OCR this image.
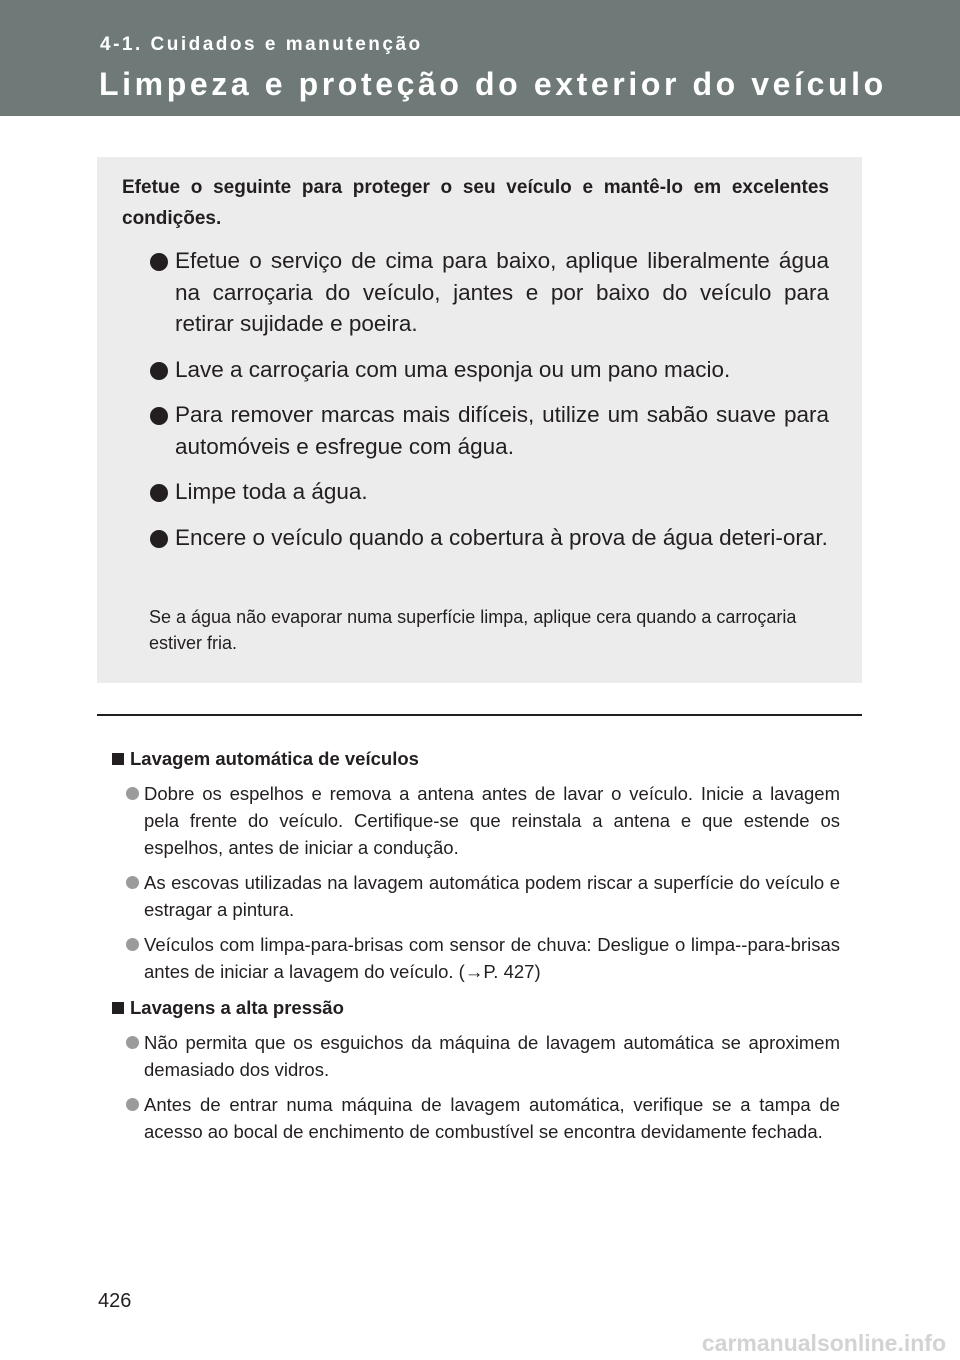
4-1. Cuidados e manutenção
Limpeza e proteção do exterior do veículo
Efetue o seguinte para proteger o seu veículo e mantê-lo em excelentes condições.
Efetue o serviço de cima para baixo, aplique liberalmente água na carroçaria do veículo, jantes e por baixo do veículo para retirar sujidade e poeira.
Lave a carroçaria com uma esponja ou um pano macio.
Para remover marcas mais difíceis, utilize um sabão suave para automóveis e esfregue com água.
Limpe toda a água.
Encere o veículo quando a cobertura à prova de água deteri-orar.
Se a água não evaporar numa superfície limpa, aplique cera quando a carroçaria estiver fria.
Lavagem automática de veículos
Dobre os espelhos e remova a antena antes de lavar o veículo. Inicie a lavagem pela frente do veículo. Certifique-se que reinstala a antena e que estende os espelhos, antes de iniciar a condução.
As escovas utilizadas na lavagem automática podem riscar a superfície do veículo e estragar a pintura.
Veículos com limpa-para-brisas com sensor de chuva: Desligue o limpa--para-brisas antes de iniciar a lavagem do veículo. (→P. 427)
Lavagens a alta pressão
Não permita que os esguichos da máquina de lavagem automática se aproximem demasiado dos vidros.
Antes de entrar numa máquina de lavagem automática, verifique se a tampa de acesso ao bocal de enchimento de combustível se encontra devidamente fechada.
426
carmanualsonline.info
